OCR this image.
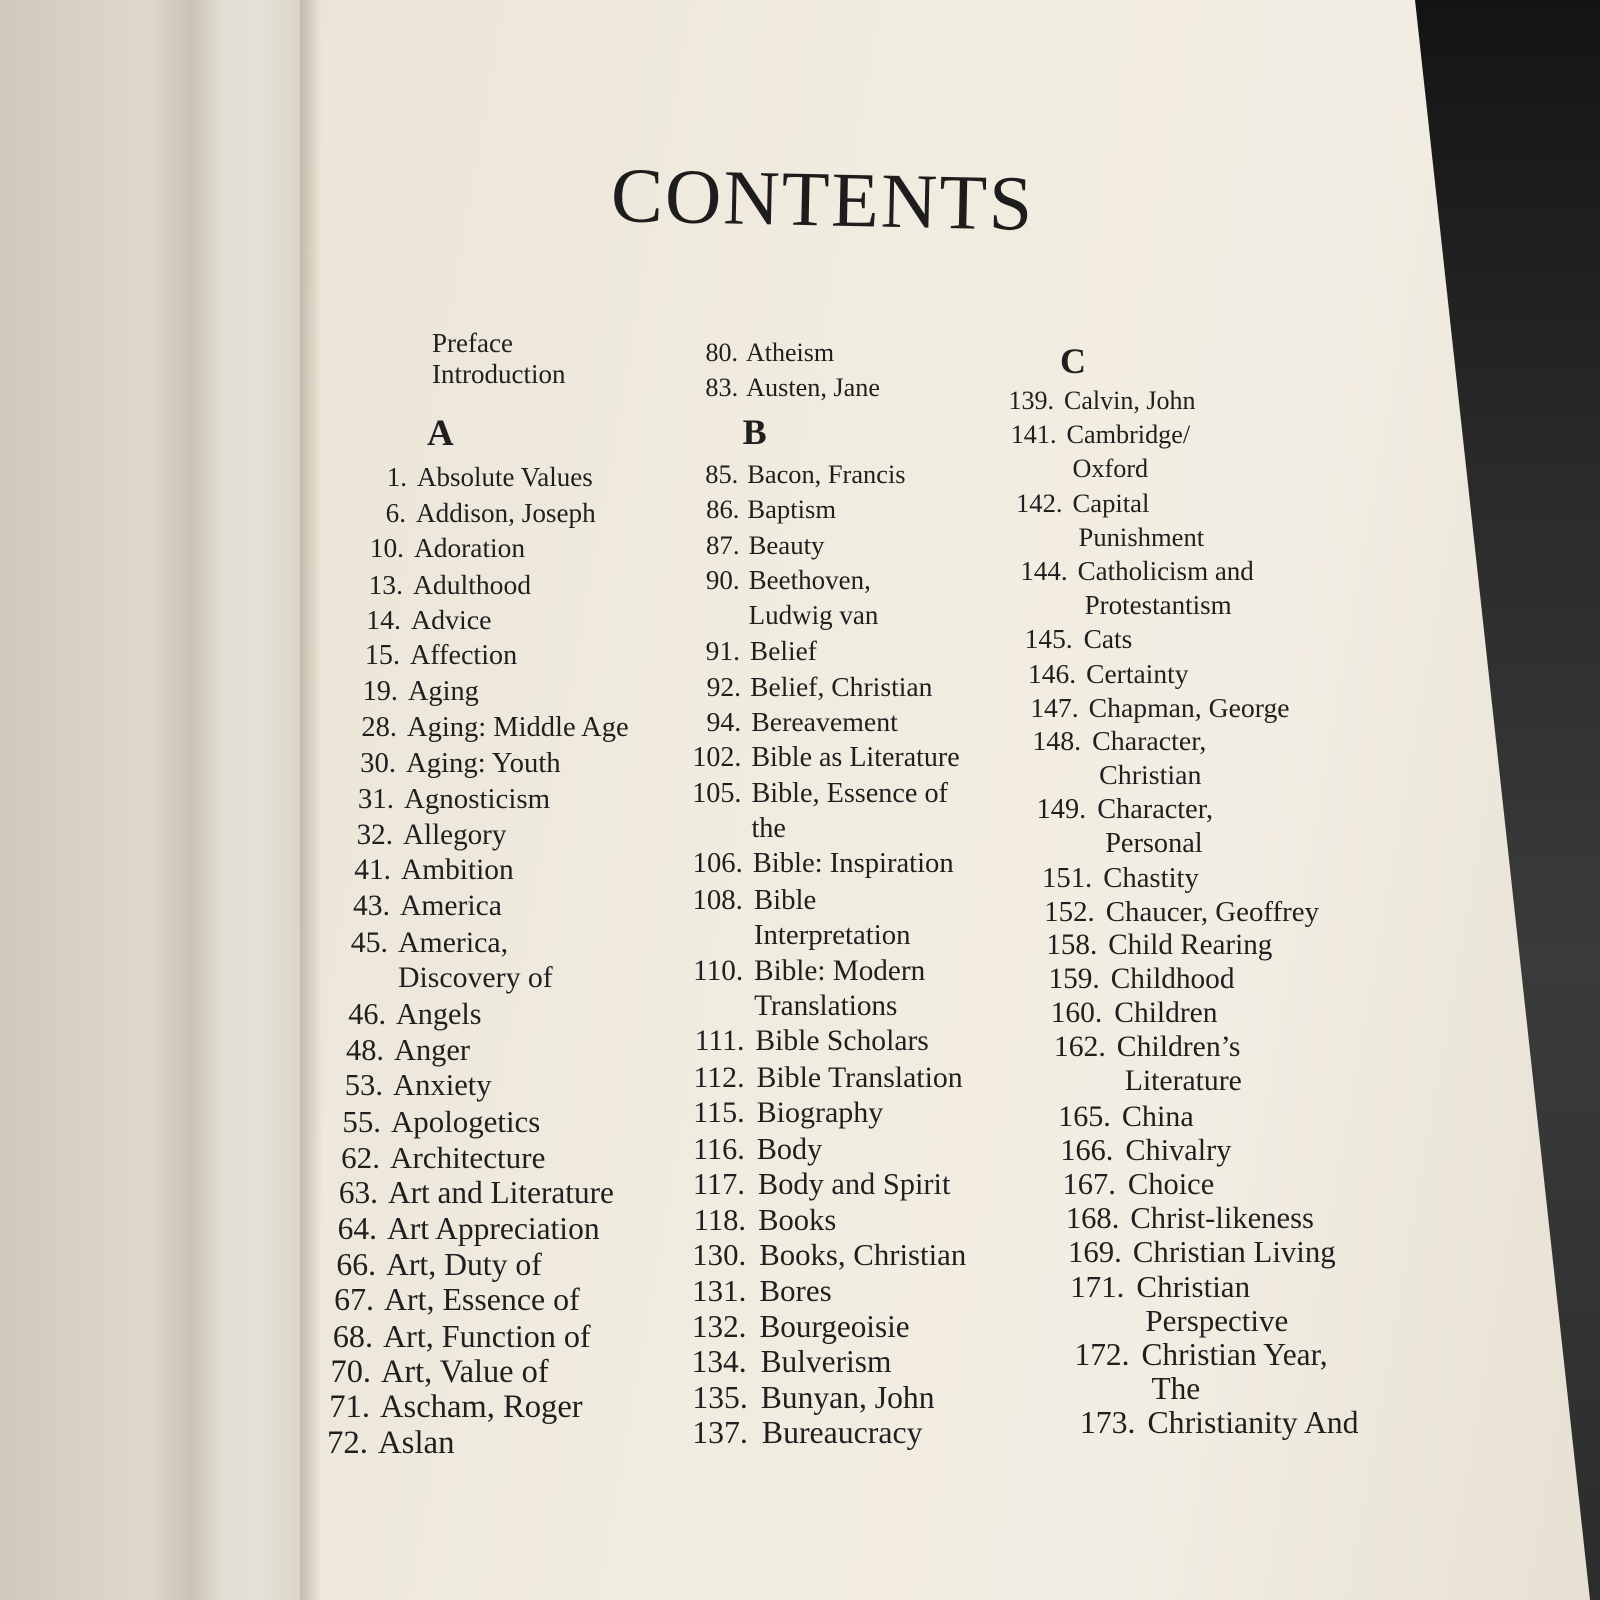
CONTENTS
Preface
Introduction
A
1. Absolute Values
6. Addison, Joseph
10. Adoration
13. Adulthood
14. Advice
15. Affection
19. Aging
28. Aging: Middle Age
30. Aging: Youth
31. Agnosticism
32. Allegory
41. Ambition
43. America
45. America,
Discovery of
46. Angels
48. Anger
53. Anxiety
55. Apologetics
62. Architecture
63. Art and Literature
64. Art Appreciation
66. Art, Duty of
67. Art, Essence of
68. Art, Function of
70. Art, Value of
71. Ascham, Roger
72. Aslan
80. Atheism
83. Austen, Jane
B
85. Bacon, Francis
86. Baptism
87. Beauty
90. Beethoven,
Ludwig van
91. Belief
92. Belief, Christian
94. Bereavement
102. Bible as Literature
105. Bible, Essence of
the
106. Bible: Inspiration
108. Bible
Interpretation
110. Bible: Modern
Translations
111. Bible Scholars
112. Bible Translation
115. Biography
116. Body
117. Body and Spirit
118. Books
130. Books, Christian
131. Bores
132. Bourgeoisie
134. Bulverism
135. Bunyan, John
137. Bureaucracy
C
139. Calvin, John
141. Cambridge/
Oxford
142. Capital
Punishment
144. Catholicism and
Protestantism
145. Cats
146. Certainty
147. Chapman, George
148. Character,
Christian
149. Character,
Personal
151. Chastity
152. Chaucer, Geoffrey
158. Child Rearing
159. Childhood
160. Children
162. Children’s
Literature
165. China
166. Chivalry
167. Choice
168. Christ-likeness
169. Christian Living
171. Christian
Perspective
172. Christian Year,
The
173. Christianity And
